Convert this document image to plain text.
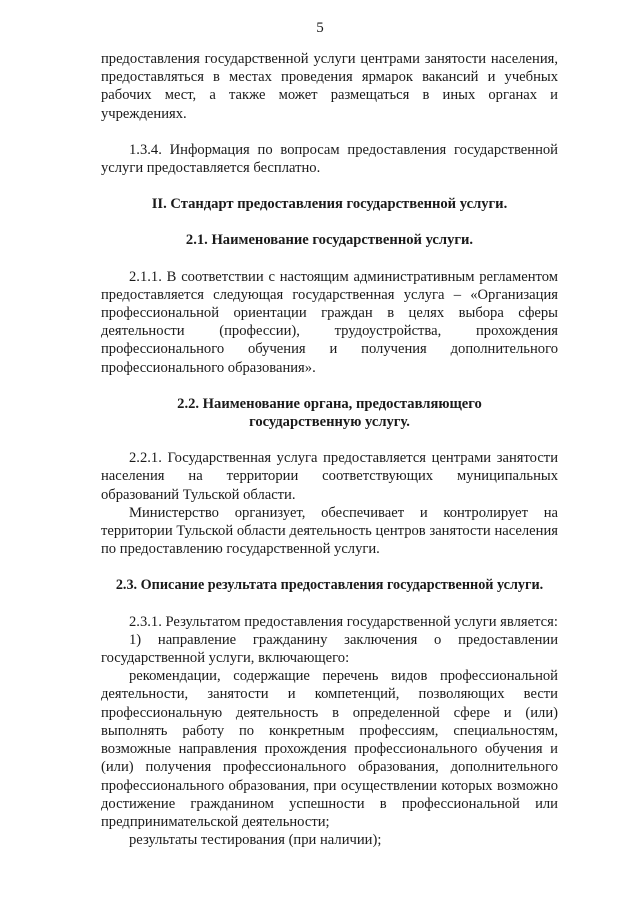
5

предоставления государственной услуги центрами занятости населения, предоставляться в местах проведения ярмарок вакансий и учебных рабочих мест, а также может размещаться в иных органах и учреждениях.

1.3.4. Информация по вопросам предоставления государственной услуги предоставляется бесплатно.

II. Стандарт предоставления государственной услуги.

2.1. Наименование государственной услуги.

2.1.1. В соответствии с настоящим административным регламентом предоставляется следующая государственная услуга – «Организация профессиональной ориентации граждан в целях выбора сферы деятельности (профессии), трудоустройства, прохождения профессионального обучения и получения дополнительного профессионального образования».

2.2. Наименование органа, предоставляющего государственную услугу.

2.2.1. Государственная услуга предоставляется центрами занятости населения на территории соответствующих муниципальных образований Тульской области.

Министерство организует, обеспечивает и контролирует на территории Тульской области деятельность центров занятости населения по предоставлению государственной услуги.

2.3. Описание результата предоставления государственной услуги.

2.3.1. Результатом предоставления государственной услуги является:

1) направление гражданину заключения о предоставлении государственной услуги, включающего:

рекомендации, содержащие перечень видов профессиональной деятельности, занятости и компетенций, позволяющих вести профессиональную деятельность в определенной сфере и (или) выполнять работу по конкретным профессиям, специальностям, возможные направления прохождения профессионального обучения и (или) получения профессионального образования, дополнительного профессионального образования, при осуществлении которых возможно достижение гражданином успешности в профессиональной или предпринимательской деятельности;

результаты тестирования (при наличии);
